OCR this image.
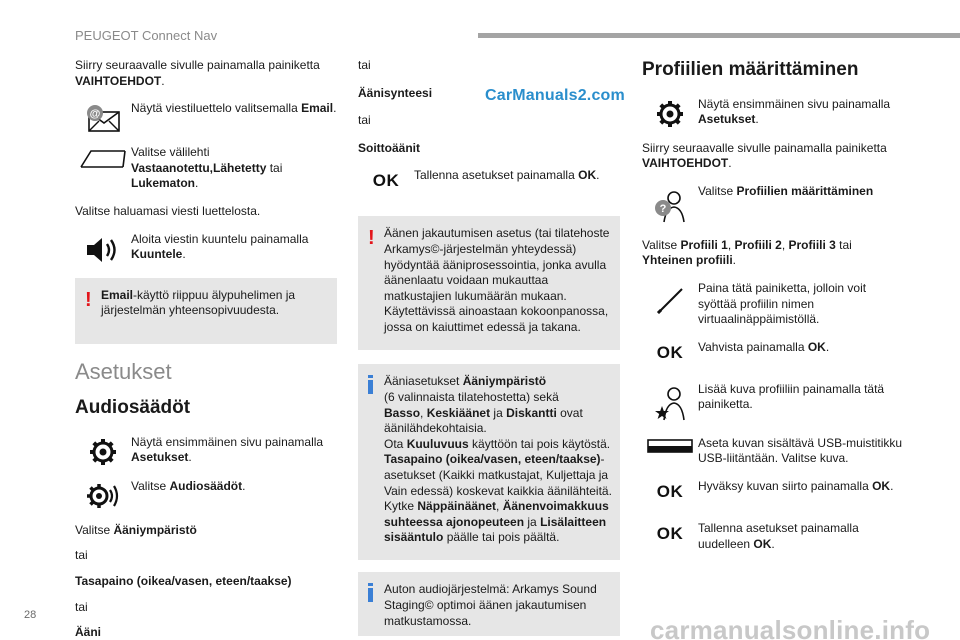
PEUGEOT Connect Nav
CarManuals2.com
Siirry seuraavalle sivulle painamalla painiketta VAIHTOEHDOT.
@	Näytä viestiluettelo valitsemalla Email.
Valitse välilehti Vastaanotettu,Lähetetty tai Lukematon.
Valitse haluamasi viesti luettelosta.
Aloita viestin kuuntelu painamalla Kuuntele.
! Email-käyttö riippuu älypuhelimen ja järjestelmän yhteensopivuudesta.
Asetukset
Audiosäädöt
Näytä ensimmäinen sivu painamalla Asetukset.
Valitse Audiosäädöt.
Valitse Ääniympäristö
tai
Tasapaino (oikea/vasen, eteen/taakse)
tai
Ääni
tai
Äänisynteesi
tai
Soittoäänit
OK Tallenna asetukset painamalla OK.
! Äänen jakautumisen asetus (tai tilatehoste Arkamys©-järjestelmän yhteydessä) hyödyntää ääniprosessointia, jonka avulla äänenlaatu voidaan mukauttaa matkustajien lukumäärän mukaan. Käytettävissä ainoastaan kokoonpanossa, jossa on kaiuttimet edessä ja takana.
Ääniasetukset Ääniympäristö
(6 valinnaista tilatehostetta) sekä
Basso, Keskiäänet ja Diskantti ovat äänilähdekohtaisia.
Ota Kuuluvuus käyttöön tai pois käytöstä.
Tasapaino (oikea/vasen, eteen/taakse)-asetukset (Kaikki matkustajat, Kuljettaja ja Vain edessä) koskevat kaikkia äänilähteitä.
Kytke Näppäinäänet, Äänenvoimakkuus suhteessa ajonopeuteen ja Lisälaitteen sisääntulo päälle tai pois päältä.
Auton audiojärjestelmä: Arkamys Sound Staging© optimoi äänen jakautumisen matkustamossa.
Profiilien määrittäminen
Näytä ensimmäinen sivu painamalla Asetukset.
Siirry seuraavalle sivulle painamalla painiketta VAIHTOEHDOT.
?
Valitse Profiilien määrittäminen
Valitse Profiili 1, Profiili 2, Profiili 3 tai Yhteinen profiili.
Paina tätä painiketta, jolloin voit syöttää profiilin nimen virtuaalinäppäimistöllä.
OK Vahvista painamalla OK.
Lisää kuva profiiliin painamalla tätä painiketta.
Aseta kuvan sisältävä USB-muistitikku USB-liitäntään. Valitse kuva.
OK Hyväksy kuvan siirto painamalla OK.
OK Tallenna asetukset painamalla uudelleen OK.
28	carmanualsonline.info
